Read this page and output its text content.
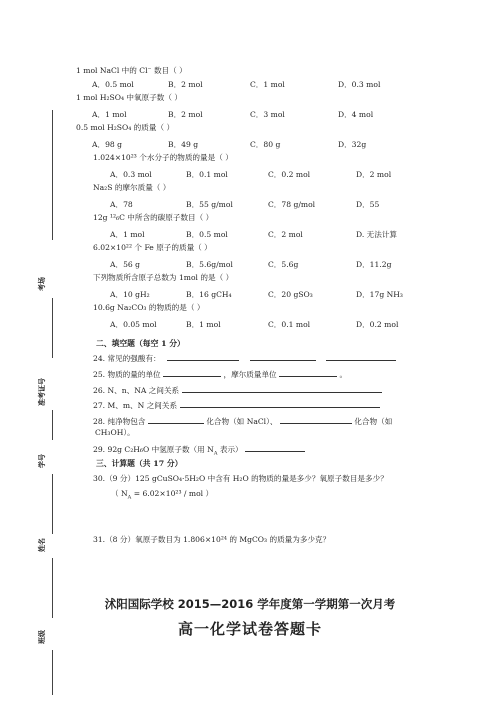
考场
准考证号
学号
姓名
班级
1 mol NaCl 中的 Cl⁻ 数目（ ）
A．0.5 mol	B．2 mol	C．1 mol	D．0.3 mol
1 mol H₂SO₄ 中氧原子数（ ）
A．1 mol	B．2 mol	C．3 mol	D．4 mol
0.5 mol H₂SO₄ 的质量（ ）
A．98 g	B．49 g	C．80 g	D．32g
1.024×10²³ 个水分子的物质的量是（ ）
A．0.3 mol	B．0.1 mol	C．0.2 mol	D．2 mol
Na₂S 的摩尔质量（ ）
A．78	B．55 g/mol	C．78 g/mol	D．55
12g ¹²₆C 中所含的碳原子数目（ ）
A．1 mol	B．0.5 mol	C．2 mol	D. 无法计算
6.02×10²² 个 Fe 原子的质量（ ）
A．56 g	B．5.6g/mol	C．5.6g	D．11.2g
下列物质所含原子总数为 1mol 的是（ ）
A．10 gH₂	B．16 gCH₄	C．20 gSO₃	D．17g NH₃
10.6g Na₂CO₃ 的物质的是（ ）
A．0.05 mol	B．1 mol	C．0.1 mol	D．0.2 mol
二、填空题（每空 1 分）
24. 常见的强酸有：
25. 物质的量的单位	，摩尔质量单位	。
26. N、n、NA 之间关系
27. M、m、N 之间关系
28. 纯净物包含	化合物（如 NaCl）、	化合物（如
CH₃OH）。
29. 92g C₂H₆O 中氢原子数（用 $N_A$ 表示）
三、计算题（共 17 分）
30.（9 分）125 gCuSO₄·5H₂O 中含有 H₂O 的物质的量是多少？氧原子数目是多少？
（ $N_A = 6.02\times 10^{23}$ / mol ）
31.（8 分）氧原子数目为 1.806×10²⁴ 的 MgCO₃ 的质量为多少克？
沭阳国际学校 2015—2016 学年度第一学期第一次月考
高一化学试卷答题卡
